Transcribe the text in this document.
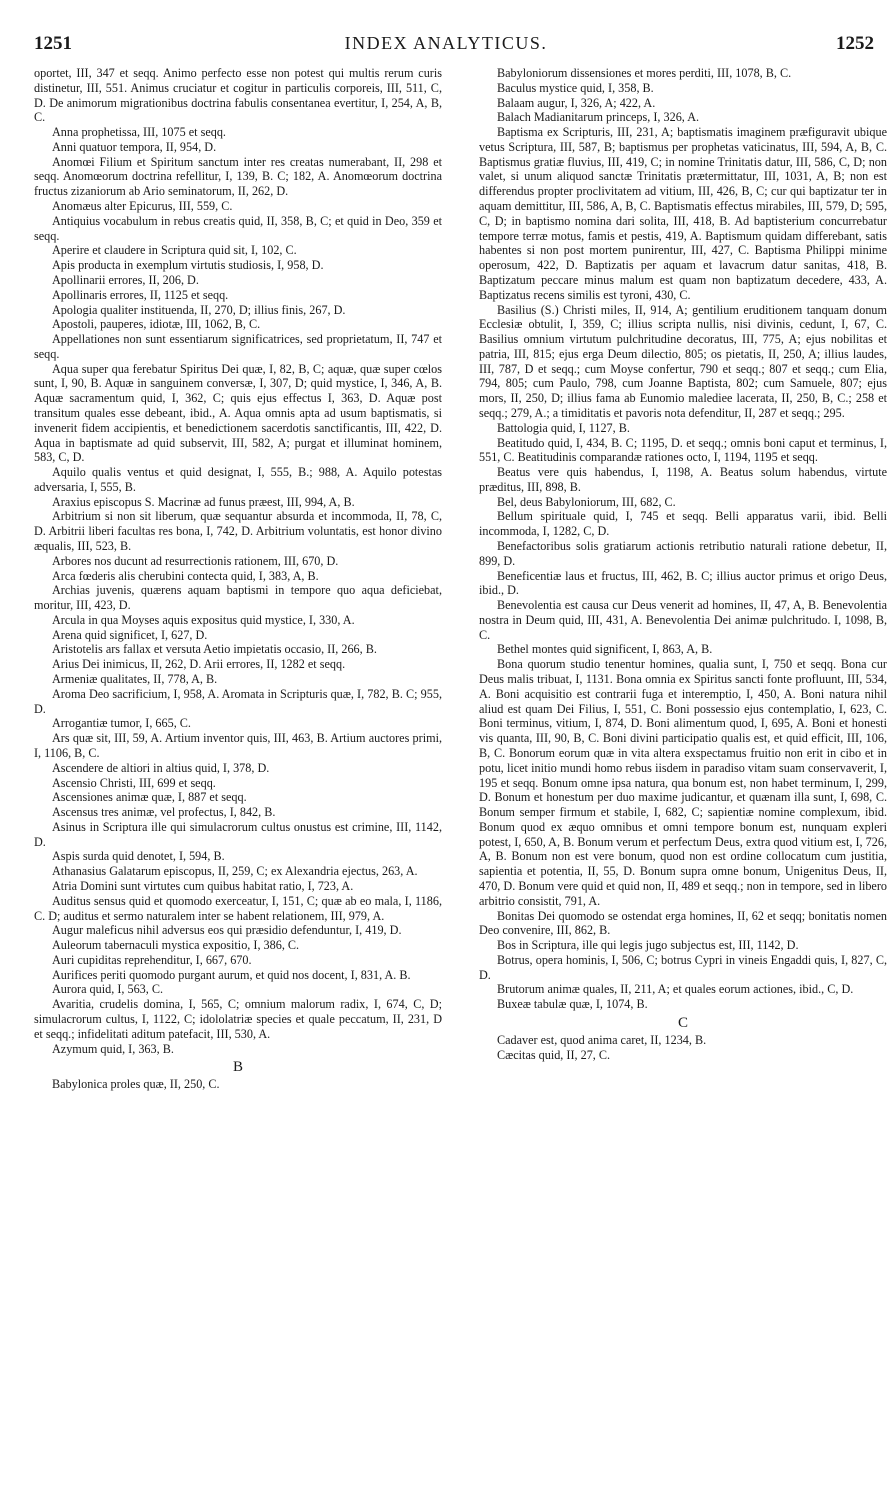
1251	INDEX ANALYTICUS.	1252

oportet, III, 347 et seqq. Animo perfecto esse non potest qui multis rerum curis distinetur, III, 551. Animus cruciatur et cogitur in particulis corporeis, III, 511, C, D. De animorum migrationibus doctrina fabulis consentanea evertitur, I, 254, A, B, C.

Anna prophetissa, III, 1075 et seqq.

Anni quatuor tempora, II, 954, D.

Anomœi Filium et Spiritum sanctum inter res creatas numerabant, II, 298 et seqq. Anomœorum doctrina refellitur, I, 139, B. C; 182, A. Anomœorum doctrina fructus zizaniorum ab Ario seminatorum, II, 262, D.

Anomæus alter Epicurus, III, 559, C.

Antiquius vocabulum in rebus creatis quid, II, 358, B, C; et quid in Deo, 359 et seqq.

Aperire et claudere in Scriptura quid sit, I, 102, C.

Apis producta in exemplum virtutis studiosis, I, 958, D.

Apollinarii errores, II, 206, D.

Apollinaris errores, II, 1125 et seqq.

Apologia qualiter instituenda, II, 270, D; illius finis, 267, D.

Apostoli, pauperes, idiotæ, III, 1062, B, C.

Appellationes non sunt essentiarum significatrices, sed proprietatum, II, 747 et seqq.

Aqua super qua ferebatur Spiritus Dei quæ, I, 82, B, C; aquæ, quæ super cœlos sunt, I, 90, B. Aquæ in sanguinem conversæ, I, 307, D; quid mystice, I, 346, A, B. Aquæ sacramentum quid, I, 362, C; quis ejus effectus I, 363, D. Aquæ post transitum quales esse debeant, ibid., A. Aqua omnis apta ad usum baptismatis, si invenerit fidem accipientis, et benedictionem sacerdotis sanctificantis, III, 422, D. Aqua in baptismate ad quid subservit, III, 582, A; purgat et illuminat hominem, 583, C, D.

Aquilo qualis ventus et quid designat, I, 555, B.; 988, A. Aquilo potestas adversaria, I, 555, B.

Araxius episcopus S. Macrinæ ad funus præest, III, 994, A, B.

Arbitrium si non sit liberum, quæ sequantur absurda et incommoda, II, 78, C, D. Arbitrii liberi facultas res bona, I, 742, D. Arbitrium voluntatis, est honor divino æqualis, III, 523, B.

Arbores nos ducunt ad resurrectionis rationem, III, 670, D.

Arca fœderis alis cherubini contecta quid, I, 383, A, B.

Archias juvenis, quærens aquam baptismi in tempore quo aqua deficiebat, moritur, III, 423, D.

Arcula in qua Moyses aquis expositus quid mystice, I, 330, A.

Arena quid significet, I, 627, D.

Aristotelis ars fallax et versuta Aetio impietatis occasio, II, 266, B.

Arius Dei inimicus, II, 262, D. Arii errores, II, 1282 et seqq.

Armeniæ qualitates, II, 778, A, B.

Aroma Deo sacrificium, I, 958, A. Aromata in Scripturis quæ, I, 782, B. C; 955, D.

Arrogantiæ tumor, I, 665, C.

Ars quæ sit, III, 59, A. Artium inventor quis, III, 463, B. Artium auctores primi, I, 1106, B, C.

Ascendere de altiori in altius quid, I, 378, D.

Ascensio Christi, III, 699 et seqq.

Ascensiones animæ quæ, I, 887 et seqq.

Ascensus tres animæ, vel profectus, I, 842, B.

Asinus in Scriptura ille qui simulacrorum cultus onustus est crimine, III, 1142, D.

Aspis surda quid denotet, I, 594, B.

Athanasius Galatarum episcopus, II, 259, C; ex Alexandria ejectus, 263, A.

Atria Domini sunt virtutes cum quibus habitat ratio, I, 723, A.

Auditus sensus quid et quomodo exerceatur, I, 151, C; quæ ab eo mala, I, 1186, C. D; auditus et sermo naturalem inter se habent relationem, III, 979, A.

Augur maleficus nihil adversus eos qui præsidio defenduntur, I, 419, D.

Auleorum tabernaculi mystica expositio, I, 386, C.

Auri cupiditas reprehenditur, I, 667, 670.

Aurifices periti quomodo purgant aurum, et quid nos docent, I, 831, A. B.

Aurora quid, I, 563, C.

Avaritia, crudelis domina, I, 565, C; omnium malorum radix, I, 674, C, D; simulacrorum cultus, I, 1122, C; idololatriæ species et quale peccatum, II, 231, D et seqq.; infidelitati aditum patefacit, III, 530, A.

Azymum quid, I, 363, B.

B

Babylonica proles quæ, II, 250, C.

Babyloniorum dissensiones et mores perditi, III, 1078, B, C.

Baculus mystice quid, I, 358, B.

Balaam augur, I, 326, A; 422, A.

Balach Madianitarum princeps, I, 326, A.

Baptisma ex Scripturis, III, 231, A; baptismatis imaginem præfiguravit ubique vetus Scriptura, III, 587, B; baptismus per prophetas vaticinatus, III, 594, A, B, C. Baptismus gratiæ fluvius, III, 419, C; in nomine Trinitatis datur, III, 586, C, D; non valet, si unum aliquod sanctæ Trinitatis prætermittatur, III, 1031, A, B; non est differendus propter proclivitatem ad vitium, III, 426, B, C; cur qui baptizatur ter in aquam demittitur, III, 586, A, B, C. Baptismatis effectus mirabiles, III, 579, D; 595, C, D; in baptismo nomina dari solita, III, 418, B. Ad baptisterium concurrebatur tempore terræ motus, famis et pestis, 419, A. Baptismum quidam differebant, satis habentes si non post mortem punirentur, III, 427, C. Baptisma Philippi minime operosum, 422, D. Baptizatis per aquam et lavacrum datur sanitas, 418, B. Baptizatum peccare minus malum est quam non baptizatum decedere, 433, A. Baptizatus recens similis est tyroni, 430, C.

Basilius (S.) Christi miles, II, 914, A; gentilium eruditionem tanquam donum Ecclesiæ obtulit, I, 359, C; illius scripta nullis, nisi divinis, cedunt, I, 67, C. Basilius omnium virtutum pulchritudine decoratus, III, 775, A; ejus nobilitas et patria, III, 815; ejus erga Deum dilectio, 805; os pietatis, II, 250, A; illius laudes, III, 787, D et seqq.; cum Moyse confertur, 790 et seqq.; 807 et seqq.; cum Elia, 794, 805; cum Paulo, 798, cum Joanne Baptista, 802; cum Samuele, 807; ejus mors, II, 250, D; illius fama ab Eunomio malediee lacerata, II, 250, B, C.; 258 et seqq.; 279, A.; a timiditatis et pavoris nota defenditur, II, 287 et seqq.; 295.

Battologia quid, I, 1127, B.

Beatitudo quid, I, 434, B. C; 1195, D. et seqq.; omnis boni caput et terminus, I, 551, C. Beatitudinis comparandæ rationes octo, I, 1194, 1195 et seqq.

Beatus vere quis habendus, I, 1198, A. Beatus solum habendus, virtute præditus, III, 898, B.

Bel, deus Babyloniorum, III, 682, C.

Bellum spirituale quid, I, 745 et seqq. Belli apparatus varii, ibid. Belli incommoda, I, 1282, C, D.

Benefactoribus solis gratiarum actionis retributio naturali ratione debetur, II, 899, D.

Beneficentiæ laus et fructus, III, 462, B. C; illius auctor primus et origo Deus, ibid., D.

Benevolentia est causa cur Deus venerit ad homines, II, 47, A, B. Benevolentia nostra in Deum quid, III, 431, A. Benevolentia Dei animæ pulchritudo. I, 1098, B, C.

Bethel montes quid significent, I, 863, A, B.

Bona quorum studio tenentur homines, qualia sunt, I, 750 et seqq. Bona cur Deus malis tribuat, I, 1131. Bona omnia ex Spiritus sancti fonte profluunt, III, 534, A. Boni acquisitio est contrarii fuga et interemptio, I, 450, A. Boni natura nihil aliud est quam Dei Filius, I, 551, C. Boni possessio ejus contemplatio, I, 623, C. Boni terminus, vitium, I, 874, D. Boni alimentum quod, I, 695, A. Boni et honesti vis quanta, III, 90, B, C. Boni divini participatio qualis est, et quid efficit, III, 106, B, C. Bonorum eorum quæ in vita altera exspectamus fruitio non erit in cibo et in potu, licet initio mundi homo rebus iisdem in paradiso vitam suam conservaverit, I, 195 et seqq. Bonum omne ipsa natura, qua bonum est, non habet terminum, I, 299, D. Bonum et honestum per duo maxime judicantur, et quænam illa sunt, I, 698, C. Bonum semper firmum et stabile, I, 682, C; sapientiæ nomine complexum, ibid. Bonum quod ex æquo omnibus et omni tempore bonum est, nunquam expleri potest, I, 650, A, B. Bonum verum et perfectum Deus, extra quod vitium est, I, 726, A, B. Bonum non est vere bonum, quod non est ordine collocatum cum justitia, sapientia et potentia, II, 55, D. Bonum supra omne bonum, Unigenitus Deus, II, 470, D. Bonum vere quid et quid non, II, 489 et seqq.; non in tempore, sed in libero arbitrio consistit, 791, A.

Bonitas Dei quomodo se ostendat erga homines, II, 62 et seqq; bonitatis nomen Deo convenire, III, 862, B.

Bos in Scriptura, ille qui legis jugo subjectus est, III, 1142, D.

Botrus, opera hominis, I, 506, C; botrus Cypri in vineis Engaddi quis, I, 827, C, D.

Brutorum animæ quales, II, 211, A; et quales eorum actiones, ibid., C, D.

Buxeæ tabulæ quæ, I, 1074, B.

C

Cadaver est, quod anima caret, II, 1234, B.

Cæcitas quid, II, 27, C.
